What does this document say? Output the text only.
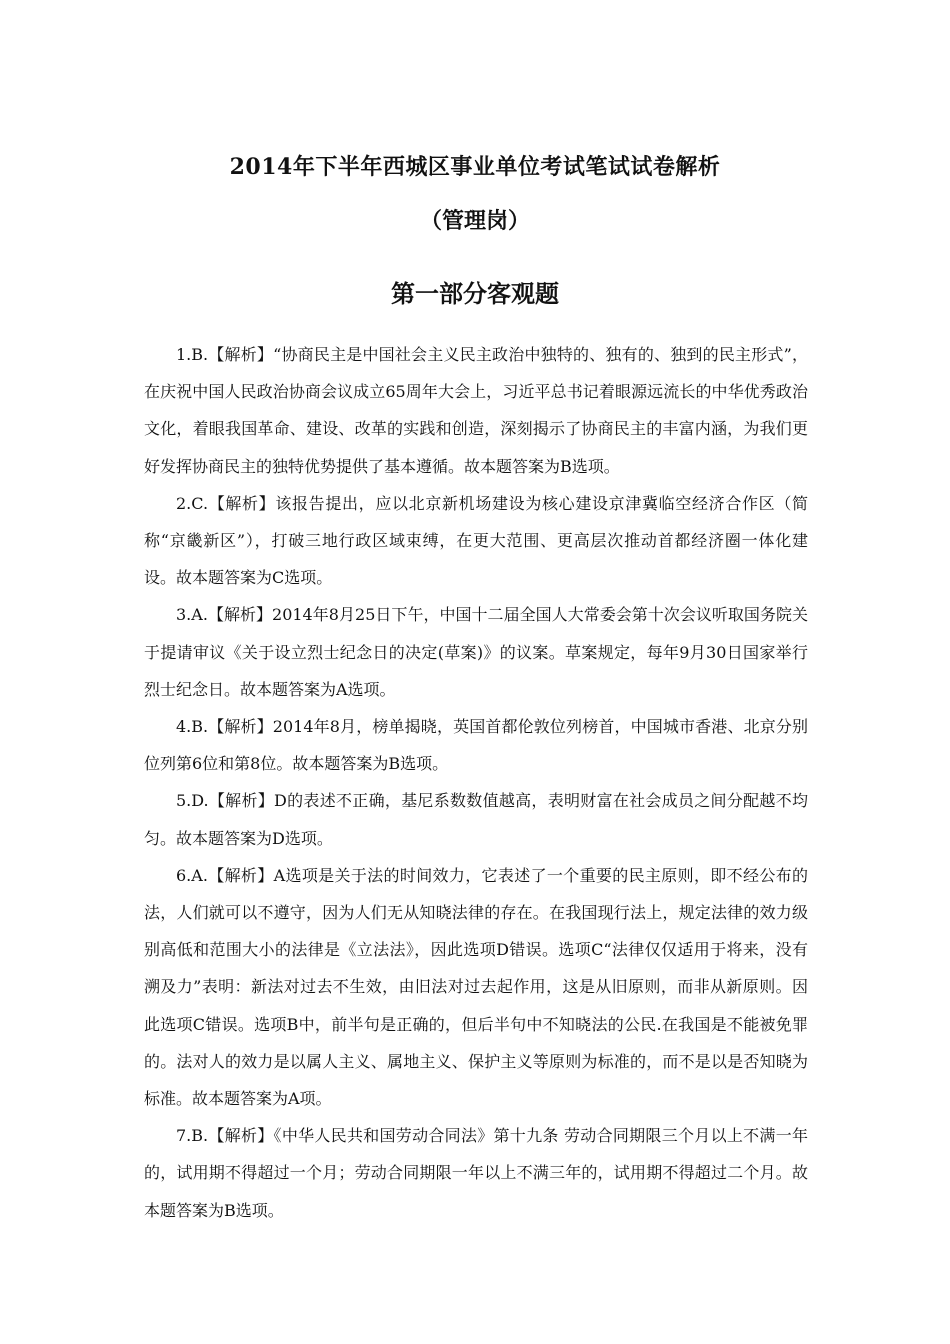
2014年下半年西城区事业单位考试笔试试卷解析
（管理岗）
第一部分客观题

1.B.【解析】“协商民主是中国社会主义民主政治中独特的、独有的、独到的民主形式”，在庆祝中国人民政治协商会议成立65周年大会上，习近平总书记着眼源远流长的中华优秀政治文化，着眼我国革命、建设、改革的实践和创造，深刻揭示了协商民主的丰富内涵，为我们更好发挥协商民主的独特优势提供了基本遵循。故本题答案为B选项。

2.C.【解析】该报告提出，应以北京新机场建设为核心建设京津冀临空经济合作区（简称“京畿新区”），打破三地行政区域束缚，在更大范围、更高层次推动首都经济圈一体化建设。故本题答案为C选项。

3.A.【解析】2014年8月25日下午，中国十二届全国人大常委会第十次会议听取国务院关于提请审议《关于设立烈士纪念日的决定(草案)》的议案。草案规定，每年9月30日国家举行烈士纪念日。故本题答案为A选项。

4.B.【解析】2014年8月，榜单揭晓，英国首都伦敦位列榜首，中国城市香港、北京分别位列第6位和第8位。故本题答案为B选项。

5.D.【解析】D的表述不正确，基尼系数数值越高，表明财富在社会成员之间分配越不均匀。故本题答案为D选项。

6.A.【解析】A选项是关于法的时间效力，它表述了一个重要的民主原则，即不经公布的法，人们就可以不遵守，因为人们无从知晓法律的存在。在我国现行法上，规定法律的效力级别高低和范围大小的法律是《立法法》，因此选项D错误。选项C“法律仅仅适用于将来，没有溯及力”表明：新法对过去不生效，由旧法对过去起作用，这是从旧原则，而非从新原则。因此选项C错误。选项B中，前半句是正确的，但后半句中不知晓法的公民.在我国是不能被免罪的。法对人的效力是以属人主义、属地主义、保护主义等原则为标准的，而不是以是否知晓为标准。故本题答案为A项。

7.B.【解析】《中华人民共和国劳动合同法》第十九条 劳动合同期限三个月以上不满一年的，试用期不得超过一个月；劳动合同期限一年以上不满三年的，试用期不得超过二个月。故本题答案为B选项。
